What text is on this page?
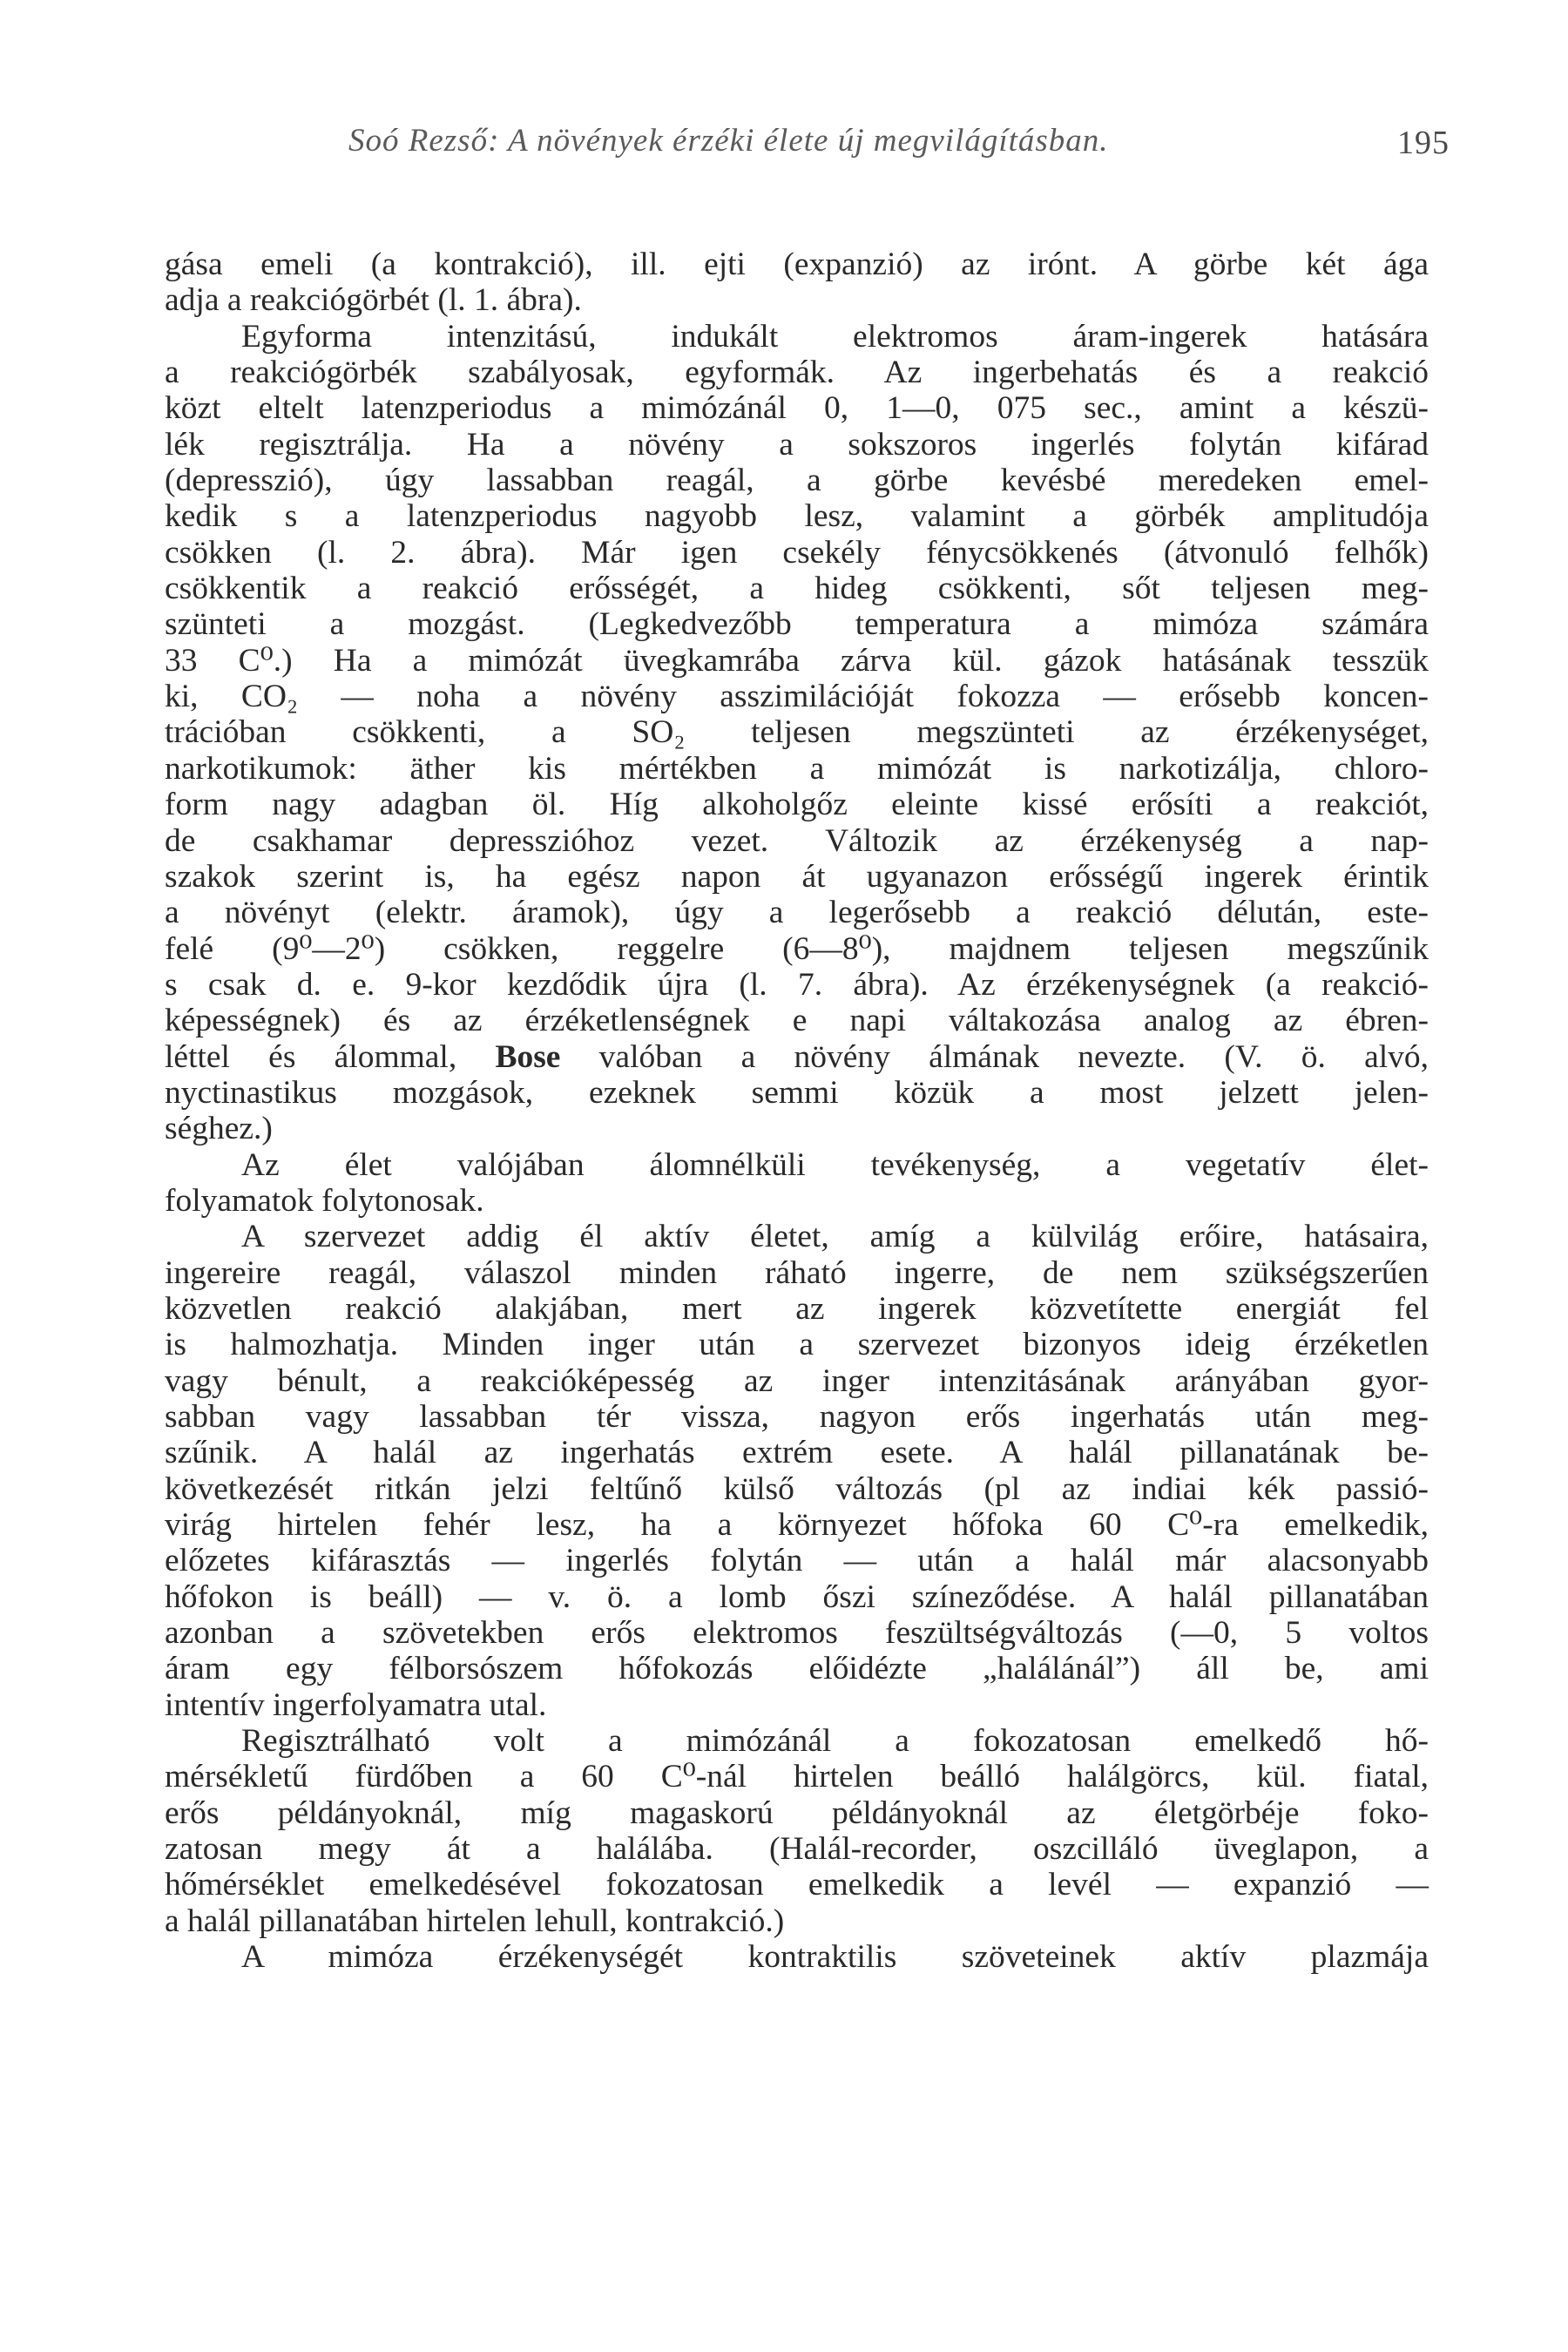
Soó Rezső: A növények érzéki élete új megvilágításban.	195
gása emeli (a kontrakció), ill. ejti (expanzió) az irónt. A görbe két ága
adja a reakciógörbét (l. 1. ábra).
Egyforma intenzitású, indukált elektromos áram-ingerek hatására
a reakciógörbék szabályosak, egyformák. Az ingerbehatás és a reakció
közt eltelt latenzperiodus a mimózánál 0, 1—0, 075 sec., amint a készü-
lék regisztrálja. Ha a növény a sokszoros ingerlés folytán kifárad
(depresszió), úgy lassabban reagál, a görbe kevésbé meredeken emel-
kedik s a latenzperiodus nagyobb lesz, valamint a görbék amplitudója
csökken (l. 2. ábra). Már igen csekély fénycsökkenés (átvonuló felhők)
csökkentik a reakció erősségét, a hideg csökkenti, sőt teljesen meg-
szünteti a mozgást. (Legkedvezőbb temperatura a mimóza számára
33 C⁰.) Ha a mimózát üvegkamrába zárva kül. gázok hatásának tesszük
ki, CO₂ — noha a növény asszimilációját fokozza — erősebb koncen-
trációban csökkenti, a SO₂ teljesen megszünteti az érzékenységet,
narkotikumok: äther kis mértékben a mimózát is narkotizálja, chloro-
form nagy adagban öl. Híg alkoholgőz eleinte kissé erősíti a reakciót,
de csakhamar depresszióhoz vezet. Változik az érzékenység a nap-
szakok szerint is, ha egész napon át ugyanazon erősségű ingerek érintik
a növényt (elektr. áramok), úgy a legerősebb a reakció délután, este-
felé (9⁰—2⁰) csökken, reggelre (6—8⁰), majdnem teljesen megszűnik
s csak d. e. 9-kor kezdődik újra (l. 7. ábra). Az érzékenységnek (a reakció-
képességnek) és az érzéketlenségnek e napi váltakozása analog az ébren-
léttel és álommal, Bose valóban a növény álmának nevezte. (V. ö. alvó,
nyctinastikus mozgások, ezeknek semmi közük a most jelzett jelen-
séghez.)
Az élet valójában álomnélküli tevékenység, a vegetatív élet-
folyamatok folytonosak.
A szervezet addig él aktív életet, amíg a külvilág erőire, hatásaira,
ingereire reagál, válaszol minden ráható ingerre, de nem szükségszerűen
közvetlen reakció alakjában, mert az ingerek közvetítette energiát fel
is halmozhatja. Minden inger után a szervezet bizonyos ideig érzéketlen
vagy bénult, a reakcióképesség az inger intenzitásának arányában gyor-
sabban vagy lassabban tér vissza, nagyon erős ingerhatás után meg-
szűnik. A halál az ingerhatás extrém esete. A halál pillanatának be-
következését ritkán jelzi feltűnő külső változás (pl az indiai kék passió-
virág hirtelen fehér lesz, ha a környezet hőfoka 60 C⁰-ra emelkedik,
előzetes kifárasztás — ingerlés folytán — után a halál már alacsonyabb
hőfokon is beáll) — v. ö. a lomb őszi színeződése. A halál pillanatában
azonban a szövetekben erős elektromos feszültségváltozás (—0, 5 voltos
áram egy félborsószem hőfokozás előidézte „halálánál”) áll be, ami
intentív ingerfolyamatra utal.
Regisztrálható volt a mimózánál a fokozatosan emelkedő hő-
mérsékletű fürdőben a 60 C⁰-nál hirtelen beálló halálgörcs, kül. fiatal,
erős példányoknál, míg magaskorú példányoknál az életgörbéje foko-
zatosan megy át a halálába. (Halál-recorder, oszcilláló üveglapon, a
hőmérséklet emelkedésével fokozatosan emelkedik a levél — expanzió —
a halál pillanatában hirtelen lehull, kontrakció.)
A mimóza érzékenységét kontraktilis szöveteinek aktív plazmája
